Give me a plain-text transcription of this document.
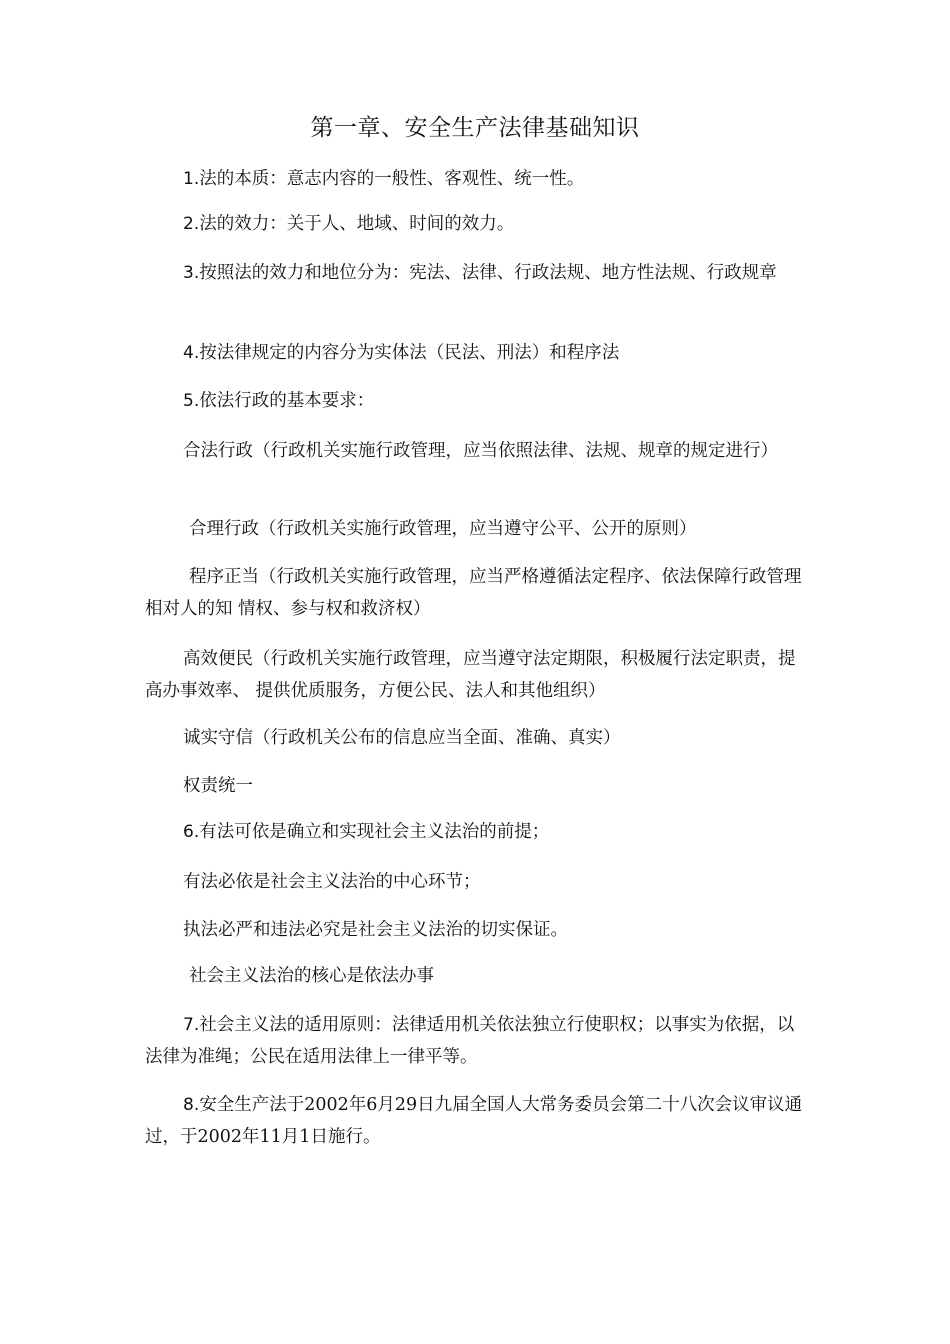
第一章、安全生产法律基础知识
1.法的本质：意志内容的一般性、客观性、统一性。
2.法的效力：关于人、地域、时间的效力。
3.按照法的效力和地位分为：宪法、法律、行政法规、地方性法规、行政规章
4.按法律规定的内容分为实体法（民法、刑法）和程序法
5.依法行政的基本要求：
合法行政（行政机关实施行政管理，应当依照法律、法规、规章的规定进行）
合理行政（行政机关实施行政管理，应当遵守公平、公开的原则）
程序正当（行政机关实施行政管理，应当严格遵循法定程序、依法保障行政管理相对人的知 情权、参与权和救济权）
高效便民（行政机关实施行政管理，应当遵守法定期限，积极履行法定职责，提高办事效率、 提供优质服务，方便公民、法人和其他组织）
诚实守信（行政机关公布的信息应当全面、准确、真实）
权责统一
6.有法可依是确立和实现社会主义法治的前提；
有法必依是社会主义法治的中心环节；
执法必严和违法必究是社会主义法治的切实保证。
社会主义法治的核心是依法办事
7.社会主义法的适用原则：法律适用机关依法独立行使职权；以事实为依据，以法律为准绳；公民在适用法律上一律平等。
8.安全生产法于2002年6月29日九届全国人大常务委员会第二十八次会议审议通过，于2002年11月1日施行。
